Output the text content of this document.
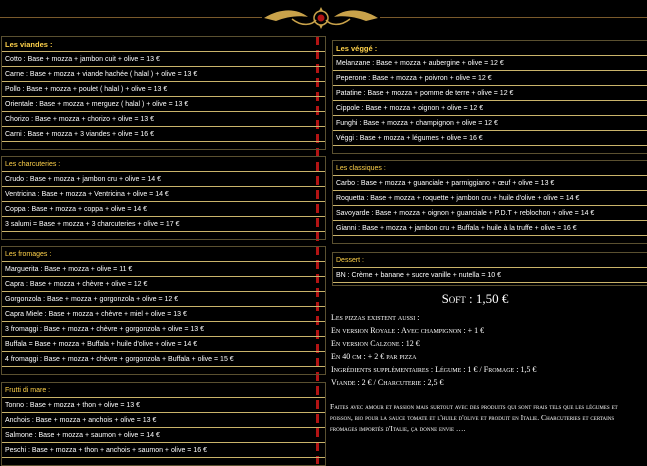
Les viandes :
Cotto : Base + mozza + jambon cuit + olive = 13 €
Carne : Base + mozza + viande hachée ( halal ) + olive = 13 €
Pollo : Base + mozza + poulet ( halal ) + olive = 13 €
Orientale : Base + mozza + merguez ( halal ) + olive = 13 €
Chorizo : Base + mozza + chorizo + olive = 13 €
Carni : Base + mozza + 3 viandes + olive = 16 €
Les charcuteries :
Crudo : Base + mozza + jambon cru + olive = 14 €
Ventricina : Base + mozza + Ventricina + olive = 14 €
Coppa : Base + mozza + coppa + olive = 14 €
3 salumi = Base + mozza + 3 charcuteries + olive = 17 €
Les fromages :
Marguerita : Base + mozza + olive = 11 €
Capra : Base + mozza + chèvre + olive = 12 €
Gorgonzola : Base + mozza + gorgonzola + olive = 12 €
Capra Miele : Base + mozza + chèvre + miel + olive = 13 €
3 fromaggi : Base + mozza + chèvre + gorgonzola + olive = 13 €
Buffala = Base + mozza + Buffala + huile d'olive + olive = 14 €
4 fromaggi : Base + mozza + chèvre + gorgonzola + Buffala + olive = 15 €
Frutti di mare :
Tonno : Base + mozza + thon + olive = 13 €
Anchois : Base + mozza + anchois + olive = 13 €
Salmone : Base + mozza + saumon + olive = 14 €
Peschi : Base + mozza + thon + anchois + saumon + olive = 16 €
Les véggé :
Melanzane : Base + mozza + aubergine + olive = 12 €
Peperone : Base + mozza + poivron + olive = 12 €
Patatine : Base + mozza + pomme de terre + olive = 12 €
Cippole : Base + mozza + oignon + olive = 12 €
Funghi : Base + mozza + champignon + olive = 12 €
Véggi : Base + mozza + légumes + olive = 16 €
Les classiques :
Carbo : Base + mozza + guanciale + parmiggiano + œuf + olive = 13 €
Roquetta : Base + mozza + roquette + jambon cru + huile d'olive + olive = 14 €
Savoyarde : Base + mozza + oignon + guanciale + P.D.T + reblochon + olive = 14 €
Gianni : Base + mozza + jambon cru + Buffala + huile à la truffe + olive = 16 €
Dessert :
BN : Crème + banane + sucre vanille + nutella = 10 €
Soft : 1,50 €
Les pizzas existent aussi :
En version Royale : Avec champignon : + 1 €
En version Calzone : 12 €
En 40 cm : + 2 € par pizza
Ingrédients supplémentaires : Légume : 1 € / Fromage : 1,5 €
Viande : 2 € / Charcuterie : 2,5 €
Faites avec amour et passion mais surtout avec des produits qui sont frais tels que les légumes et poisson, bio pour la sauce tomate et l'huile d'olive et produit en Italie. Charcuteries et certains fromages importés d'Italie, ça donne envie ….
